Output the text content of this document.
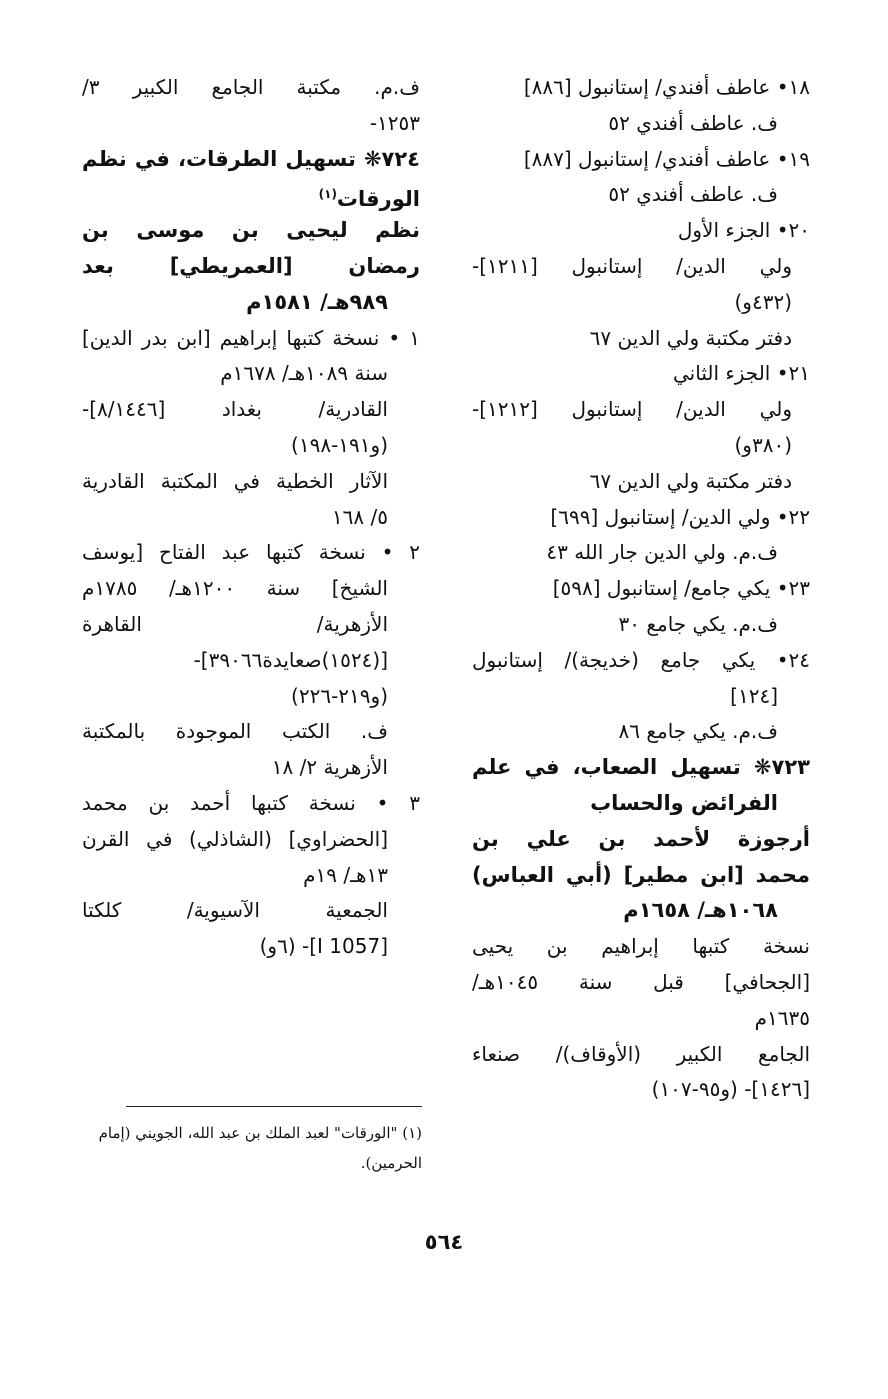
١٨• عاطف أفندي/ إستانبول [٨٨٦]
ف. عاطف أفندي ٥٢
١٩• عاطف أفندي/ إستانبول [٨٨٧]
ف. عاطف أفندي ٥٢
٢٠• الجزء الأول
ولي الدين/ إستانبول [١٢١١]-
(٤٣٢و)
دفتر مكتبة ولي الدين ٦٧
٢١• الجزء الثاني
ولي الدين/ إستانبول [١٢١٢]-
(٣٨٠و)
دفتر مكتبة ولي الدين ٦٧
٢٢• ولي الدين/ إستانبول [٦٩٩]
ف.م. ولي الدين جار الله ٤٣
٢٣• يكي جامع/ إستانبول [٥٩٨]
ف.م. يكي جامع ٣٠
٢٤• يكي جامع (خديجة)/ إستانبول
[١٢٤]
ف.م. يكي جامع ٨٦
٧٢٣❋ تسهيل الصعاب، في علم
الفرائض والحساب
أرجوزة لأحمد بن علي بن
محمد [ابن مطير] (أبي العباس)
١٠٦٨هـ/ ١٦٥٨م
نسخة كتبها إبراهيم بن يحيى
[الجحافي] قبل سنة ١٠٤٥هـ/
١٦٣٥م
الجامع الكبير (الأوقاف)/ صنعاء
[١٤٢٦]- (و٩٥-١٠٧)
ف.م. مكتبة الجامع الكبير ٣/
١٢٥٣-
٧٢٤❋ تسهيل الطرقات، في نظم
الورقات$^{(١)}$
نظم ليحيى بن موسى بن
رمضان [العمريطي] بعد
٩٨٩هـ/ ١٥٨١م
١ • نسخة كتبها إبراهيم [ابن بدر الدين]
سنة ١٠٨٩هـ/ ١٦٧٨م
القادرية/ بغداد [٨/١٤٤٦]-
(و١٩١-١٩٨)
الآثار الخطية في المكتبة القادرية
٥/ ١٦٨
٢ • نسخة كتبها عبد الفتاح [يوسف
الشيخ] سنة ١٢٠٠هـ/ ١٧٨٥م
الأزهرية/ القاهرة
[(١٥٢٤)صعايدة٣٩٠٦٦]-
(و٢١٩-٢٢٦)
ف. الكتب الموجودة بالمكتبة
الأزهرية ٢/ ١٨
٣ • نسخة كتبها أحمد بن محمد
[الحضراوي] (الشاذلي) في القرن
١٣هـ/ ١٩م
الجمعية الآسيوية/ كلكتا
[I 1057]- (٦و)
(١) "الورقات" لعبد الملك بن عبد الله، الجويني (إمام الحرمين).
٥٦٤
